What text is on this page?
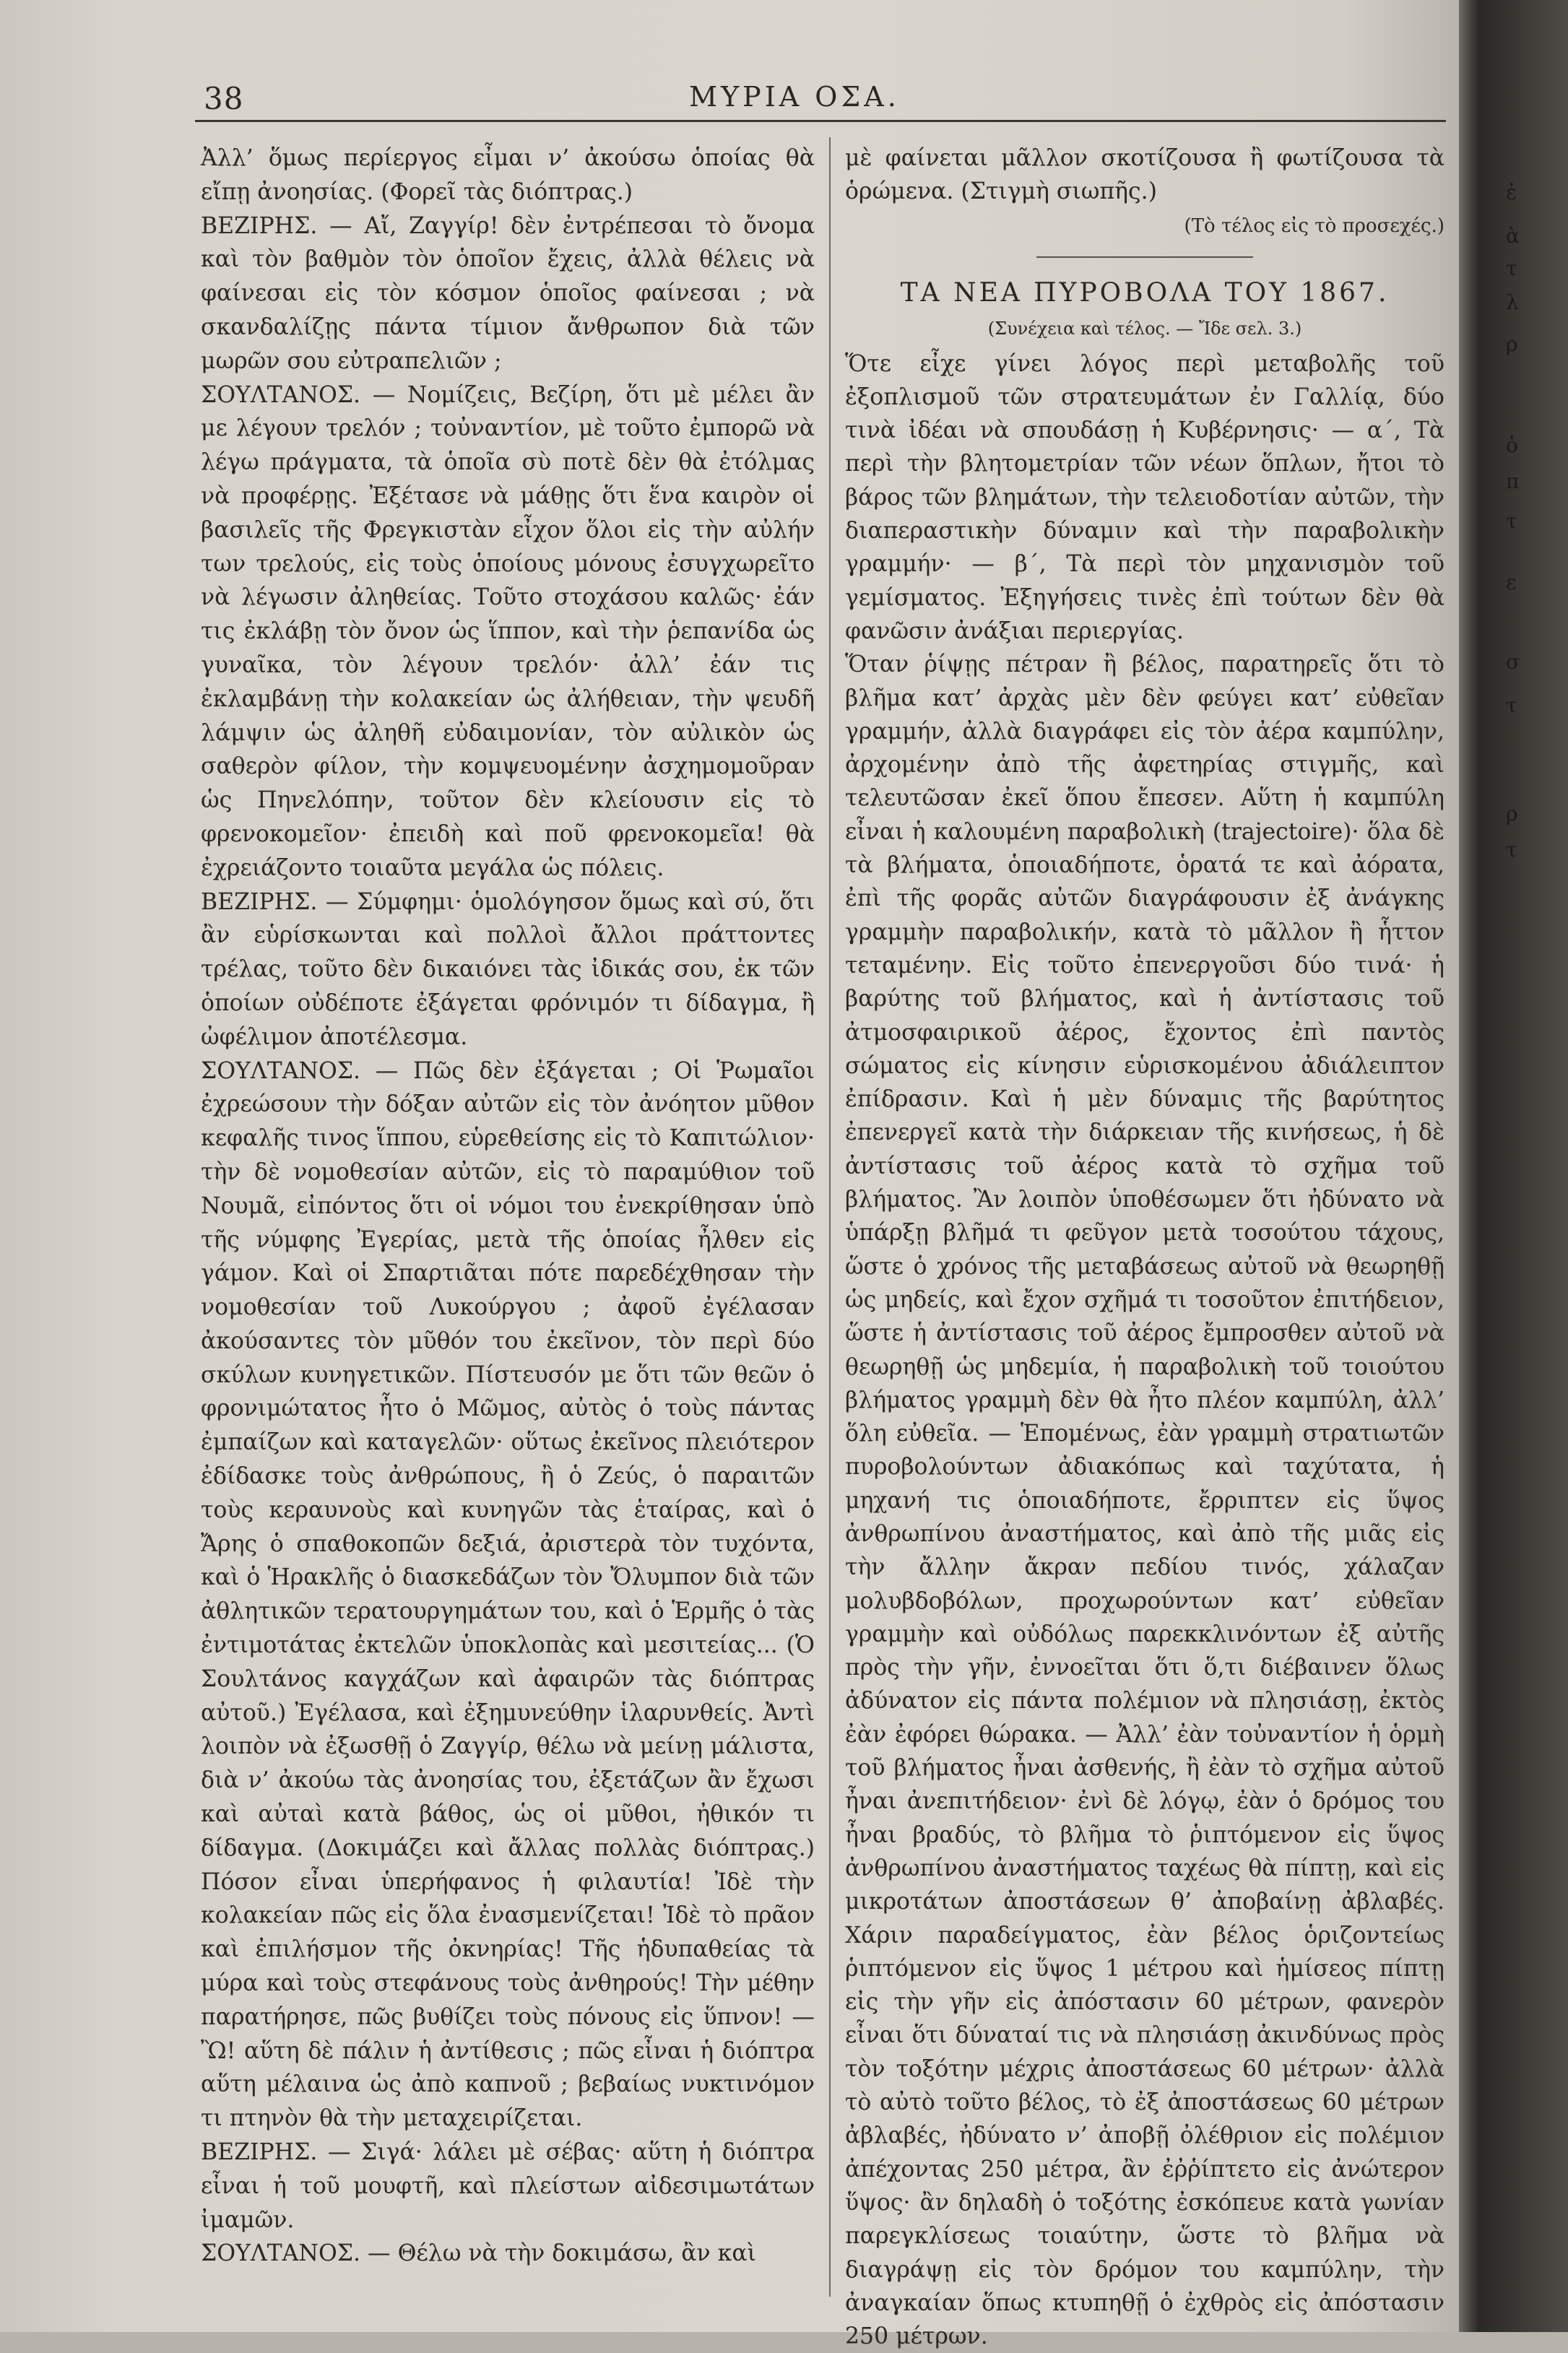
ἐ
ὰ
τ
λ
ρ
ὁ
π
τ
ε
σ
τ
ρ
τ
38	ΜΥΡΙΑ ΟΣΑ.

Ἀλλ’ ὅμως περίεργος εἶμαι ν’ ἀκούσω ὁποίας θὰ εἴπῃ ἀνοησίας. (Φορεῖ τὰς διόπτρας.)

ΒΕΖΙΡΗΣ. — Αἴ, Ζαγγίρ! δὲν ἐντρέπεσαι τὸ ὄνομα καὶ τὸν βαθμὸν τὸν ὁποῖον ἔχεις, ἀλλὰ θέλεις νὰ φαίνεσαι εἰς τὸν κόσμον ὁποῖος φαίνεσαι ; νὰ σκανδαλίζῃς πάντα τίμιον ἄνθρωπον διὰ τῶν μωρῶν σου εὐτραπελιῶν ;

ΣΟΥΛΤΑΝΟΣ. — Νομίζεις, Βεζίρη, ὅτι μὲ μέλει ἂν με λέγουν τρελόν ; τοὐναντίον, μὲ τοῦτο ἐμπορῶ νὰ λέγω πράγματα, τὰ ὁποῖα σὺ ποτὲ δὲν θὰ ἐτόλμας νὰ προφέρῃς. Ἐξέτασε νὰ μάθῃς ὅτι ἕνα καιρὸν οἱ βασιλεῖς τῆς Φρεγκιστὰν εἶχον ὅλοι εἰς τὴν αὐλήν των τρελούς, εἰς τοὺς ὁποίους μόνους ἐσυγχωρεῖτο νὰ λέγωσιν ἀληθείας. Τοῦτο στοχάσου καλῶς· ἐάν τις ἐκλάβῃ τὸν ὄνον ὡς ἵππον, καὶ τὴν ῥεπανίδα ὡς γυναῖκα, τὸν λέγουν τρελόν· ἀλλ’ ἐάν τις ἐκλαμβάνῃ τὴν κολακείαν ὡς ἀλήθειαν, τὴν ψευδῆ λάμψιν ὡς ἀληθῆ εὐδαιμονίαν, τὸν αὐλικὸν ὡς σαθερὸν φίλον, τὴν κομψευομένην ἀσχημομοῦραν ὡς Πηνελόπην, τοῦτον δὲν κλείουσιν εἰς τὸ φρενοκομεῖον· ἐπειδὴ καὶ ποῦ φρενοκομεῖα! θὰ ἐχρειάζοντο τοιαῦτα μεγάλα ὡς πόλεις.

ΒΕΖΙΡΗΣ. — Σύμφημι· ὁμολόγησον ὅμως καὶ σύ, ὅτι ἂν εὑρίσκωνται καὶ πολλοὶ ἄλλοι πράττοντες τρέλας, τοῦτο δὲν δικαιόνει τὰς ἰδικάς σου, ἐκ τῶν ὁποίων οὐδέποτε ἐξάγεται φρόνιμόν τι δίδαγμα, ἢ ὠφέλιμον ἀποτέλεσμα.

ΣΟΥΛΤΑΝΟΣ. — Πῶς δὲν ἐξάγεται ; Οἱ Ῥωμαῖοι ἐχρεώσουν τὴν δόξαν αὐτῶν εἰς τὸν ἀνόητον μῦθον κεφαλῆς τινος ἵππου, εὑρεθείσης εἰς τὸ Καπιτώλιον· τὴν δὲ νομοθεσίαν αὐτῶν, εἰς τὸ παραμύθιον τοῦ Νουμᾶ, εἰπόντος ὅτι οἱ νόμοι του ἐνεκρίθησαν ὑπὸ τῆς νύμφης Ἐγερίας, μετὰ τῆς ὁποίας ἦλθεν εἰς γάμον. Καὶ οἱ Σπαρτιᾶται πότε παρεδέχθησαν τὴν νομοθεσίαν τοῦ Λυκούργου ; ἀφοῦ ἐγέλασαν ἀκούσαντες τὸν μῦθόν του ἐκεῖνον, τὸν περὶ δύο σκύλων κυνηγετικῶν. Πίστευσόν με ὅτι τῶν θεῶν ὁ φρονιμώτατος ἦτο ὁ Μῶμος, αὐτὸς ὁ τοὺς πάντας ἐμπαίζων καὶ καταγελῶν· οὕτως ἐκεῖνος πλειότερον ἐδίδασκε τοὺς ἀνθρώπους, ἢ ὁ Ζεύς, ὁ παραιτῶν τοὺς κεραυνοὺς καὶ κυνηγῶν τὰς ἑταίρας, καὶ ὁ Ἄρης ὁ σπαθοκοπῶν δεξιά, ἀριστερὰ τὸν τυχόντα, καὶ ὁ Ἡρακλῆς ὁ διασκεδάζων τὸν Ὄλυμπον διὰ τῶν ἀθλητικῶν τερατουργημάτων του, καὶ ὁ Ἑρμῆς ὁ τὰς ἐντιμοτάτας ἐκτελῶν ὑποκλοπὰς καὶ μεσιτείας... (Ὁ Σουλτάνος καγχάζων καὶ ἀφαιρῶν τὰς διόπτρας αὐτοῦ.) Ἐγέλασα, καὶ ἐξημυνεύθην ἱλαρυνθείς. Ἀντὶ λοιπὸν νὰ ἐξωσθῇ ὁ Ζαγγίρ, θέλω νὰ μείνῃ μάλιστα, διὰ ν’ ἀκούω τὰς ἀνοησίας του, ἐξετάζων ἂν ἔχωσι καὶ αὐταὶ κατὰ βάθος, ὡς οἱ μῦθοι, ἠθικόν τι δίδαγμα. (Δοκιμάζει καὶ ἄλλας πολλὰς διόπτρας.) Πόσον εἶναι ὑπερήφανος ἡ φιλαυτία! Ἰδὲ τὴν κολακείαν πῶς εἰς ὅλα ἐνασμενίζεται! Ἰδὲ τὸ πρᾶον καὶ ἐπιλήσμον τῆς ὀκνηρίας! Τῆς ἡδυπαθείας τὰ μύρα καὶ τοὺς στεφάνους τοὺς ἀνθηρούς! Τὴν μέθην παρατήρησε, πῶς βυθίζει τοὺς πόνους εἰς ὕπνον! — Ὢ! αὕτη δὲ πάλιν ἡ ἀντίθεσις ; πῶς εἶναι ἡ διόπτρα αὕτη μέλαινα ὡς ἀπὸ καπνοῦ ; βεβαίως νυκτινόμον τι πτηνὸν θὰ τὴν μεταχειρίζεται.

ΒΕΖΙΡΗΣ. — Σιγά· λάλει μὲ σέβας· αὕτη ἡ διόπτρα εἶναι ἡ τοῦ μουφτῆ, καὶ πλείστων αἰδεσιμωτάτων ἰμαμῶν.

ΣΟΥΛΤΑΝΟΣ. — Θέλω νὰ τὴν δοκιμάσω, ἂν καὶ

μὲ φαίνεται μᾶλλον σκοτίζουσα ἢ φωτίζουσα τὰ ὁρώμενα. (Στιγμὴ σιωπῆς.)

(Τὸ τέλος εἰς τὸ προσεχές.)
ΤΑ ΝΕΑ ΠΥΡΟΒΟΛΑ ΤΟΥ 1867.
(Συνέχεια καὶ τέλος. — Ἴδε σελ. 3.)

Ὅτε εἶχε γίνει λόγος περὶ μεταβολῆς τοῦ ἐξοπλισμοῦ τῶν στρατευμάτων ἐν Γαλλίᾳ, δύο τινὰ ἰδέαι νὰ σπουδάσῃ ἡ Κυβέρνησις· — α΄, Τὰ περὶ τὴν βλητομετρίαν τῶν νέων ὅπλων, ἤτοι τὸ βάρος τῶν βλημάτων, τὴν τελειοδοτίαν αὐτῶν, τὴν διαπεραστικὴν δύναμιν καὶ τὴν παραβολικὴν γραμμήν· — β΄, Τὰ περὶ τὸν μηχανισμὸν τοῦ γεμίσματος. Ἐξηγήσεις τινὲς ἐπὶ τούτων δὲν θὰ φανῶσιν ἀνάξιαι περιεργίας.

Ὅταν ῥίψῃς πέτραν ἢ βέλος, παρατηρεῖς ὅτι τὸ βλῆμα κατ’ ἀρχὰς μὲν δὲν φεύγει κατ’ εὐθεῖαν γραμμήν, ἀλλὰ διαγράφει εἰς τὸν ἀέρα καμπύλην, ἀρχομένην ἀπὸ τῆς ἀφετηρίας στιγμῆς, καὶ τελευτῶσαν ἐκεῖ ὅπου ἔπεσεν. Αὕτη ἡ καμπύλη εἶναι ἡ καλουμένη παραβολικὴ (trajectoire)· ὅλα δὲ τὰ βλήματα, ὁποιαδήποτε, ὁρατά τε καὶ ἀόρατα, ἐπὶ τῆς φορᾶς αὐτῶν διαγράφουσιν ἐξ ἀνάγκης γραμμὴν παραβολικήν, κατὰ τὸ μᾶλλον ἢ ἧττον τεταμένην. Εἰς τοῦτο ἐπενεργοῦσι δύο τινά· ἡ βαρύτης τοῦ βλήματος, καὶ ἡ ἀντίστασις τοῦ ἀτμοσφαιρικοῦ ἀέρος, ἔχοντος ἐπὶ παντὸς σώματος εἰς κίνησιν εὑρισκομένου ἀδιάλειπτον ἐπίδρασιν. Καὶ ἡ μὲν δύναμις τῆς βαρύτητος ἐπενεργεῖ κατὰ τὴν διάρκειαν τῆς κινήσεως, ἡ δὲ ἀντίστασις τοῦ ἀέρος κατὰ τὸ σχῆμα τοῦ βλήματος. Ἂν λοιπὸν ὑποθέσωμεν ὅτι ἠδύνατο νὰ ὑπάρξῃ βλῆμά τι φεῦγον μετὰ τοσούτου τάχους, ὥστε ὁ χρόνος τῆς μεταβάσεως αὐτοῦ νὰ θεωρηθῇ ὡς μηδείς, καὶ ἔχον σχῆμά τι τοσοῦτον ἐπιτήδειον, ὥστε ἡ ἀντίστασις τοῦ ἀέρος ἔμπροσθεν αὐτοῦ νὰ θεωρηθῇ ὡς μηδεμία, ἡ παραβολικὴ τοῦ τοιούτου βλήματος γραμμὴ δὲν θὰ ἦτο πλέον καμπύλη, ἀλλ’ ὅλη εὐθεῖα. — Ἑπομένως, ἐὰν γραμμὴ στρατιωτῶν πυροβολούντων ἀδιακόπως καὶ ταχύτατα, ἡ μηχανή τις ὁποιαδήποτε, ἔρριπτεν εἰς ὕψος ἀνθρωπίνου ἀναστήματος, καὶ ἀπὸ τῆς μιᾶς εἰς τὴν ἄλλην ἄκραν πεδίου τινός, χάλαζαν μολυβδοβόλων, προχωρούντων κατ’ εὐθεῖαν γραμμὴν καὶ οὐδόλως παρεκκλινόντων ἐξ αὐτῆς πρὸς τὴν γῆν, ἐννοεῖται ὅτι ὅ,τι διέβαινεν ὅλως ἀδύνατον εἰς πάντα πολέμιον νὰ πλησιάσῃ, ἐκτὸς ἐὰν ἐφόρει θώρακα. — Ἀλλ’ ἐὰν τοὐναντίον ἡ ὁρμὴ τοῦ βλήματος ἦναι ἀσθενής, ἢ ἐὰν τὸ σχῆμα αὐτοῦ ἦναι ἀνεπιτήδειον· ἐνὶ δὲ λόγῳ, ἐὰν ὁ δρόμος του ἦναι βραδύς, τὸ βλῆμα τὸ ῥιπτόμενον εἰς ὕψος ἀνθρωπίνου ἀναστήματος ταχέως θὰ πίπτῃ, καὶ εἰς μικροτάτων ἀποστάσεων θ’ ἀποβαίνῃ ἀβλαβές. Χάριν παραδείγματος, ἐὰν βέλος ὁριζοντείως ῥιπτόμενον εἰς ὕψος 1 μέτρου καὶ ἡμίσεος πίπτῃ εἰς τὴν γῆν εἰς ἀπόστασιν 60 μέτρων, φανερὸν εἶναι ὅτι δύναταί τις νὰ πλησιάσῃ ἀκινδύνως πρὸς τὸν τοξότην μέχρις ἀποστάσεως 60 μέτρων· ἀλλὰ τὸ αὐτὸ τοῦτο βέλος, τὸ ἐξ ἀποστάσεως 60 μέτρων ἀβλαβές, ἠδύνατο ν’ ἀποβῇ ὀλέθριον εἰς πολέμιον ἀπέχοντας 250 μέτρα, ἂν ἐῤῥίπτετο εἰς ἀνώτερον ὕψος· ἂν δηλαδὴ ὁ τοξότης ἐσκόπευε κατὰ γωνίαν παρεγκλίσεως τοιαύτην, ὥστε τὸ βλῆμα νὰ διαγράψῃ εἰς τὸν δρόμον του καμπύλην, τὴν ἀναγκαίαν ὅπως κτυπηθῇ ὁ ἐχθρὸς εἰς ἀπόστασιν 250 μέτρων.
